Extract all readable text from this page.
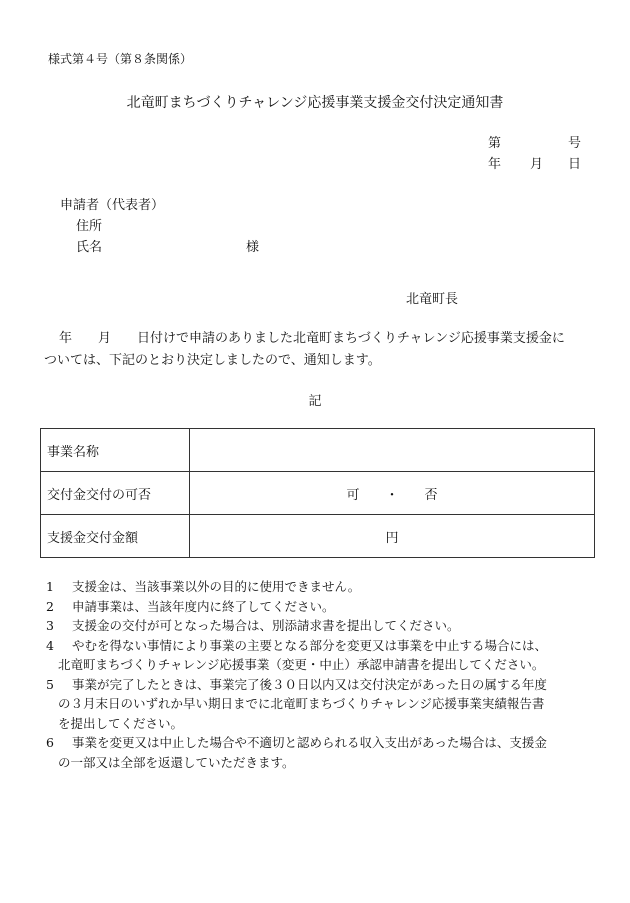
様式第４号（第８条関係）
北竜町まちづくりチャレンジ応援事業支援金交付決定通知書
第	号
年 月 日
申請者（代表者）
住所
氏名	様
北竜町長
年　　月　　日付けで申請のありました北竜町まちづくりチャレンジ応援事業支援金に
ついては、下記のとおり決定しましたので、通知します。
記
事業名称	
交付金交付の可否	可　　・　　否
支援金交付金額	円
1	支援金は、当該事業以外の目的に使用できません。
2	申請事業は、当該年度内に終了してください。
3	支援金の交付が可となった場合は、別添請求書を提出してください。
4	やむを得ない事情により事業の主要となる部分を変更又は事業を中止する場合には、
北竜町まちづくりチャレンジ応援事業（変更・中止）承認申請書を提出してください。
5	事業が完了したときは、事業完了後３０日以内又は交付決定があった日の属する年度
の３月末日のいずれか早い期日までに北竜町まちづくりチャレンジ応援事業実績報告書
を提出してください。
6	事業を変更又は中止した場合や不適切と認められる収入支出があった場合は、支援金
の一部又は全部を返還していただきます。
